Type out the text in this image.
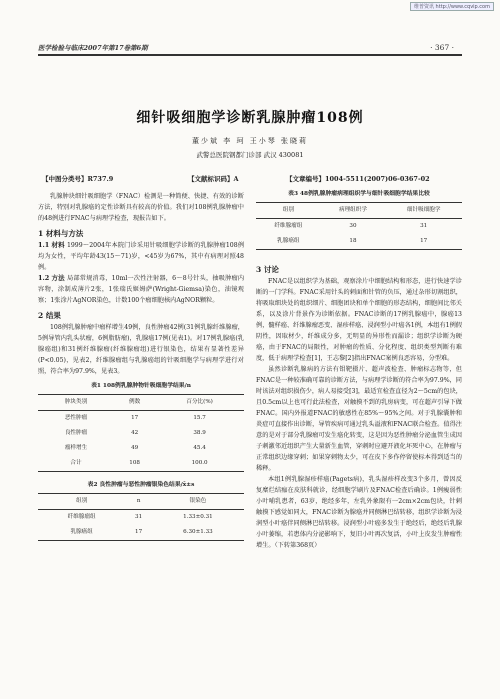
维普资讯 http://www.cqvip.com
医学检验与临床2007年第17卷第6期	· 367 ·
细针吸细胞学诊断乳腺肿瘤108例
董少斌 李 珂 王小琴 张晓莉
武警总医院钢都门诊部 武汉 430081
【中图分类号】R737.9	【文献标识码】A	【文章编号】1004-5511(2007)06-0367-02

乳腺肿块细针吸细胞学（FNAC）检测是一种简便、快捷、有效的诊断方法，特别对乳腺癌的定性诊断具有较高的价值。我们对108例乳腺肿瘤中的48例进行FNAC与病理学检查，现报告如下。

1 材料与方法

1.1 材料 1999～2004年本院门诊采用针吸细胞学诊断的乳腺肿瘤108例均为女性，平均年龄43(15～71)岁，<45岁为67%，其中有病理对照48例。

1.2 方法 局部常规消毒，10ml一次性注射器，6～8号针头，抽吸肿瘤内容物，涂制成薄片2张，1张瑞氏姬姆萨(Wright-Giemsa)染色，油镜观察；1张涂片AgNOR染色，计数100个瘤细胞核内AgNOR颗粒。

2 结果

108例乳腺肿瘤中瘤样增生49例，良性肿瘤42例(31例乳腺纤维腺瘤，5例导管内乳头状瘤，6例脂肪瘤)，乳腺癌17例(见表1)。对17例乳腺癌(乳腺癌组)和31例纤维腺瘤(纤维腺瘤组)进行银染色，结果有显著性差异(P<0.05)，见表2，纤维腺瘤组与乳腺癌组的针吸细胞学与病理学进行对照，符合率为97.9%，见表3。

表1 108例乳腺肿物针吸细胞学结果/n
肿块类别	例数	百分比(%)
恶性肿瘤	17	15.7
良性肿瘤	42	38.9
瘤样增生	49	45.4
合计	108	100.0
表2 良性肿瘤与恶性肿瘤银染色结果/x̄±s
组别	n	银染色
纤维腺瘤组	31	1.33±0.31
乳腺癌组	17	6.30±1.33
表3 48例乳腺肿瘤病理组织学与细针吸细胞学结果比较
组别	病理组织学	细针吸细胞学
纤维腺瘤组	30	31
乳腺癌组	18	17
3 讨论

FNAC是以组织学为基础，观察涂片中细胞结构和形态，进行快速学诊断的一门学科。FNAC采用针头的刺面和针管的负压，通过杂形切割组织，将吸取细块处的组织细片、细胞团块和单个细胞的形态结构，细胞间比邻关系，以及涂片背景作为诊断依据。FNAC诊断的17例乳腺癌中，腺癌13例，髓样癌、纤维腺瘤恶变、湿疹样癌、浸润型小叶癌各1例，本组有1例假阴性，因取材少，纤维成分多，无明显的异形性而漏诊；组织学诊断为硬癌，由于FNAC的局限性，对肿瘤的性质、分化程度、组织类型判断有难度，低于病理学检查[1]，王志黎[2]指出FNAC案例良恶容易，分型难。

虽然诊断乳腺病的方法有钼靶摄片、超声波检查、肿瘤标志物等，但FNAC是一种较准确可靠的诊断方法，与病理学诊断的符合率为97.9%，同时该法对组织损伤少，病人易接受[3]，最适宜检查直径为2～5cm的包块，且0.5cm以上也可行此法检查，对触摸不到的乳房病变，可在超声引导下做FNAC。国内外报道FNAC的敏感性在85%～95%之间。对于乳腺囊肿和炎症可直接作出诊断，导管疾病可通过乳头溢液和FNAC联合检查。值得注意的是对于部分乳腺瘤可发生癌化转变，这是因为恶性肿瘤分泌血管生成因子刺激邻近组织产生大量新生血管，穿刺时应避开液化坏死中心，在肿瘤与正常组织边缘穿刺；如果穿刺物太少，可在皮下多作停留使标本得到适当的稀释。

本组1例乳腺湿疹样癌(Pagets病)，乳头湿疹样改变3个多月，曾因反复糜烂结痂在皮肤科就诊，经细胞学刷片及FNAC检查后确诊。1例瘦弱性小叶哺乳患者，63岁，绝经多年，左乳外象限有一2cm×2cm包块，针刺触摸下感觉如同大，FNAC诊断为腺癌并同侧淋巴结转移，组织学诊断为浸润型小叶癌伴同侧淋巴结转移。浸润型小叶癌多发生于绝经后，绝经后乳腺小叶萎缩，若患体内分泌影响下，复旧小叶再次复活，小叶上皮发生肿瘤性增生。（下转第368页）
